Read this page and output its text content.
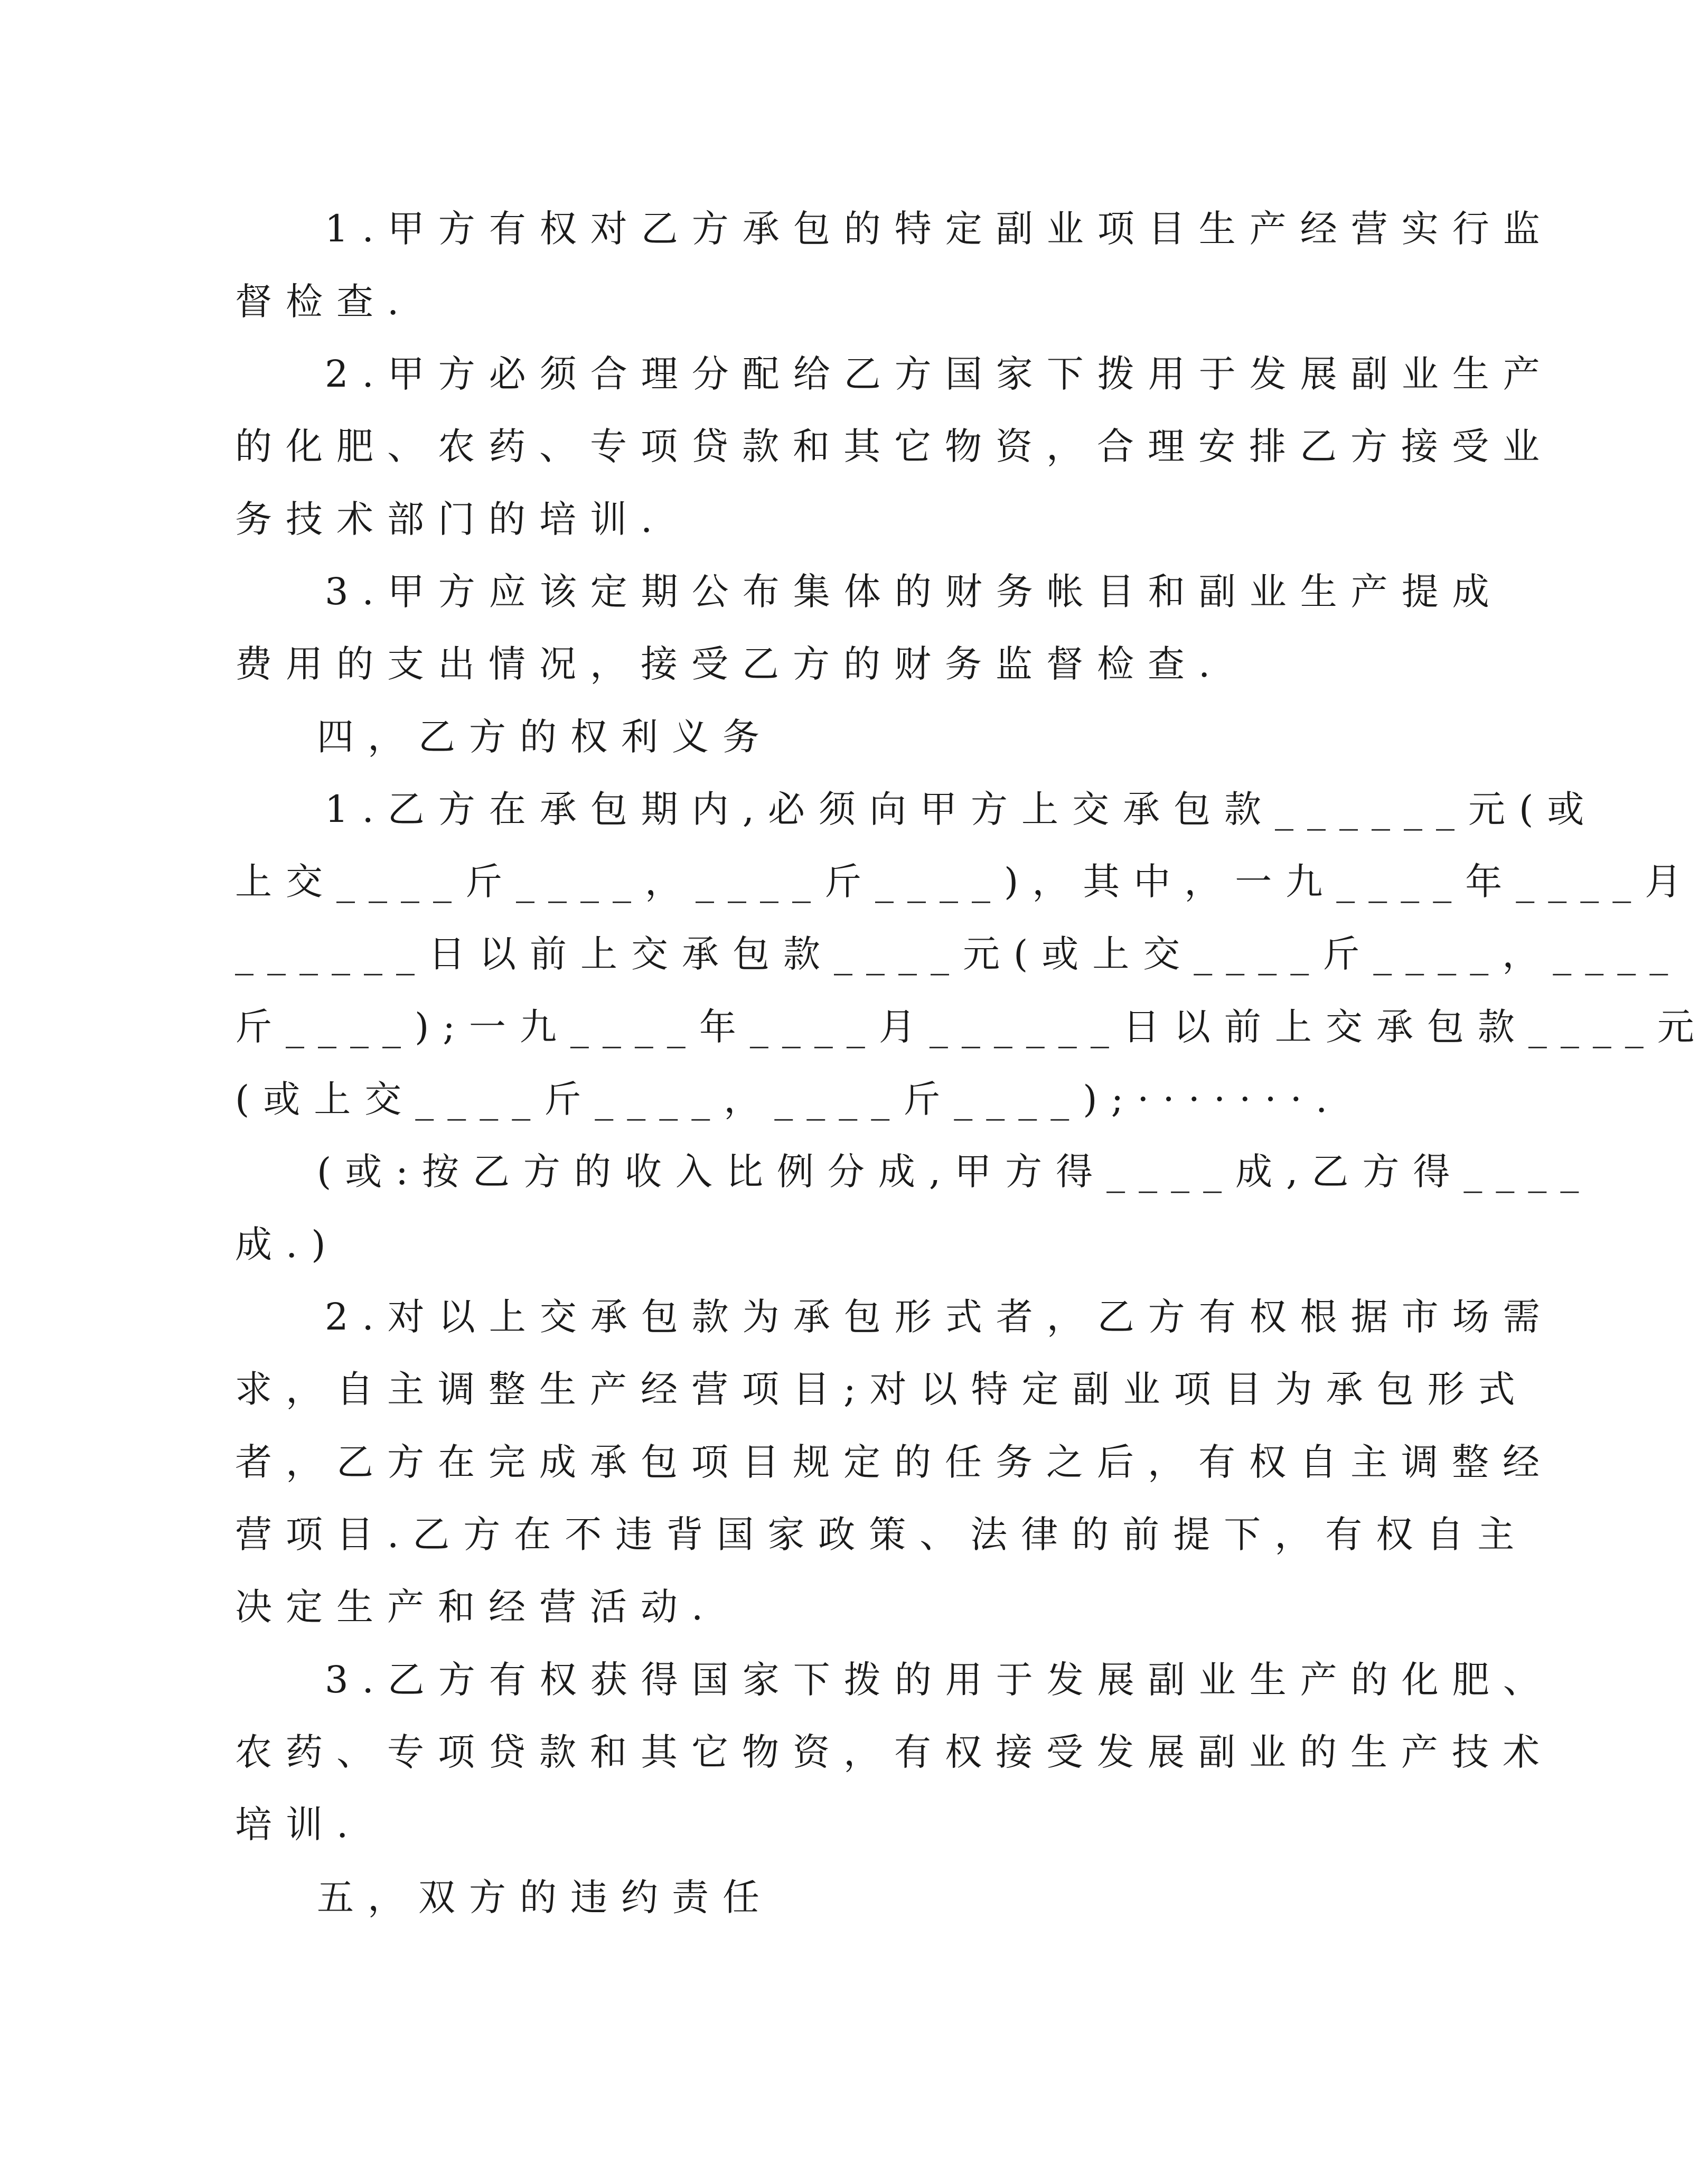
1.甲方有权对乙方承包的特定副业项目生产经营实行监
督检查.
2.甲方必须合理分配给乙方国家下拨用于发展副业生产
的化肥、农药、专项贷款和其它物资，合理安排乙方接受业
务技术部门的培训.
3.甲方应该定期公布集体的财务帐目和副业生产提成
费用的支出情况，接受乙方的财务监督检查.
四，乙方的权利义务
1.乙方在承包期内,必须向甲方上交承包款______元(或
上交____斤____，____斤____)，其中，一九____年____月
______日以前上交承包款____元(或上交____斤____，____
斤____);一九____年____月______日以前上交承包款____元
(或上交____斤____，____斤____);·······.
(或:按乙方的收入比例分成,甲方得____成,乙方得____
成.)
2.对以上交承包款为承包形式者，乙方有权根据市场需
求，自主调整生产经营项目;对以特定副业项目为承包形式
者，乙方在完成承包项目规定的任务之后，有权自主调整经
营项目.乙方在不违背国家政策、法律的前提下，有权自主
决定生产和经营活动.
3.乙方有权获得国家下拨的用于发展副业生产的化肥、
农药、专项贷款和其它物资，有权接受发展副业的生产技术
培训.
五，双方的违约责任
